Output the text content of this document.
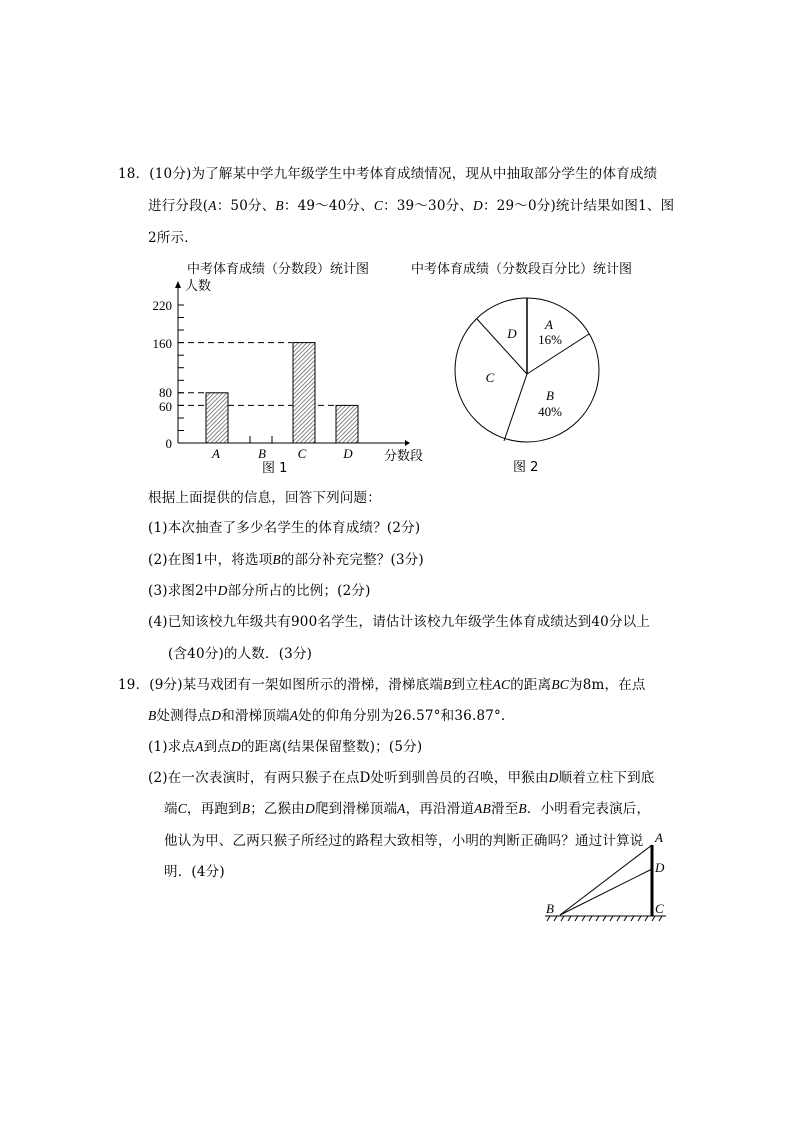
18．(10分)为了解某中学九年级学生中考体育成绩情况，现从中抽取部分学生的体育成绩
进行分段(A：50分、B：49～40分、C：39～30分、D：29～0分)统计结果如图1、图
2所示．
中考体育成绩（分数段）统计图
人数
0
60
80
160
220
A	B C	D 分数段
图 1
中考体育成绩（分数段百分比）统计图
A
16%
B
40%
C
D
图 2
根据上面提供的信息，回答下列问题：
(1)本次抽查了多少名学生的体育成绩？(2分)
(2)在图1中，将选项B的部分补充完整？(3分)
(3)求图2中D部分所占的比例；(2分)
(4)已知该校九年级共有900名学生，请估计该校九年级学生体育成绩达到40分以上
(含40分)的人数．(3分)
19．(9分)某马戏团有一架如图所示的滑梯，滑梯底端B到立柱AC的距离BC为8m，在点
B处测得点D和滑梯顶端A处的仰角分别为26.57°和36.87°．
(1)求点A到点D的距离(结果保留整数)；(5分)
(2)在一次表演时，有两只猴子在点D处听到驯兽员的召唤，甲猴由D顺着立柱下到底
端C，再跑到B；乙猴由D爬到滑梯顶端A，再沿滑道AB滑至B．小明看完表演后，
他认为甲、乙两只猴子所经过的路程大致相等，小明的判断正确吗？通过计算说
明．(4分)
A
D
C
B
